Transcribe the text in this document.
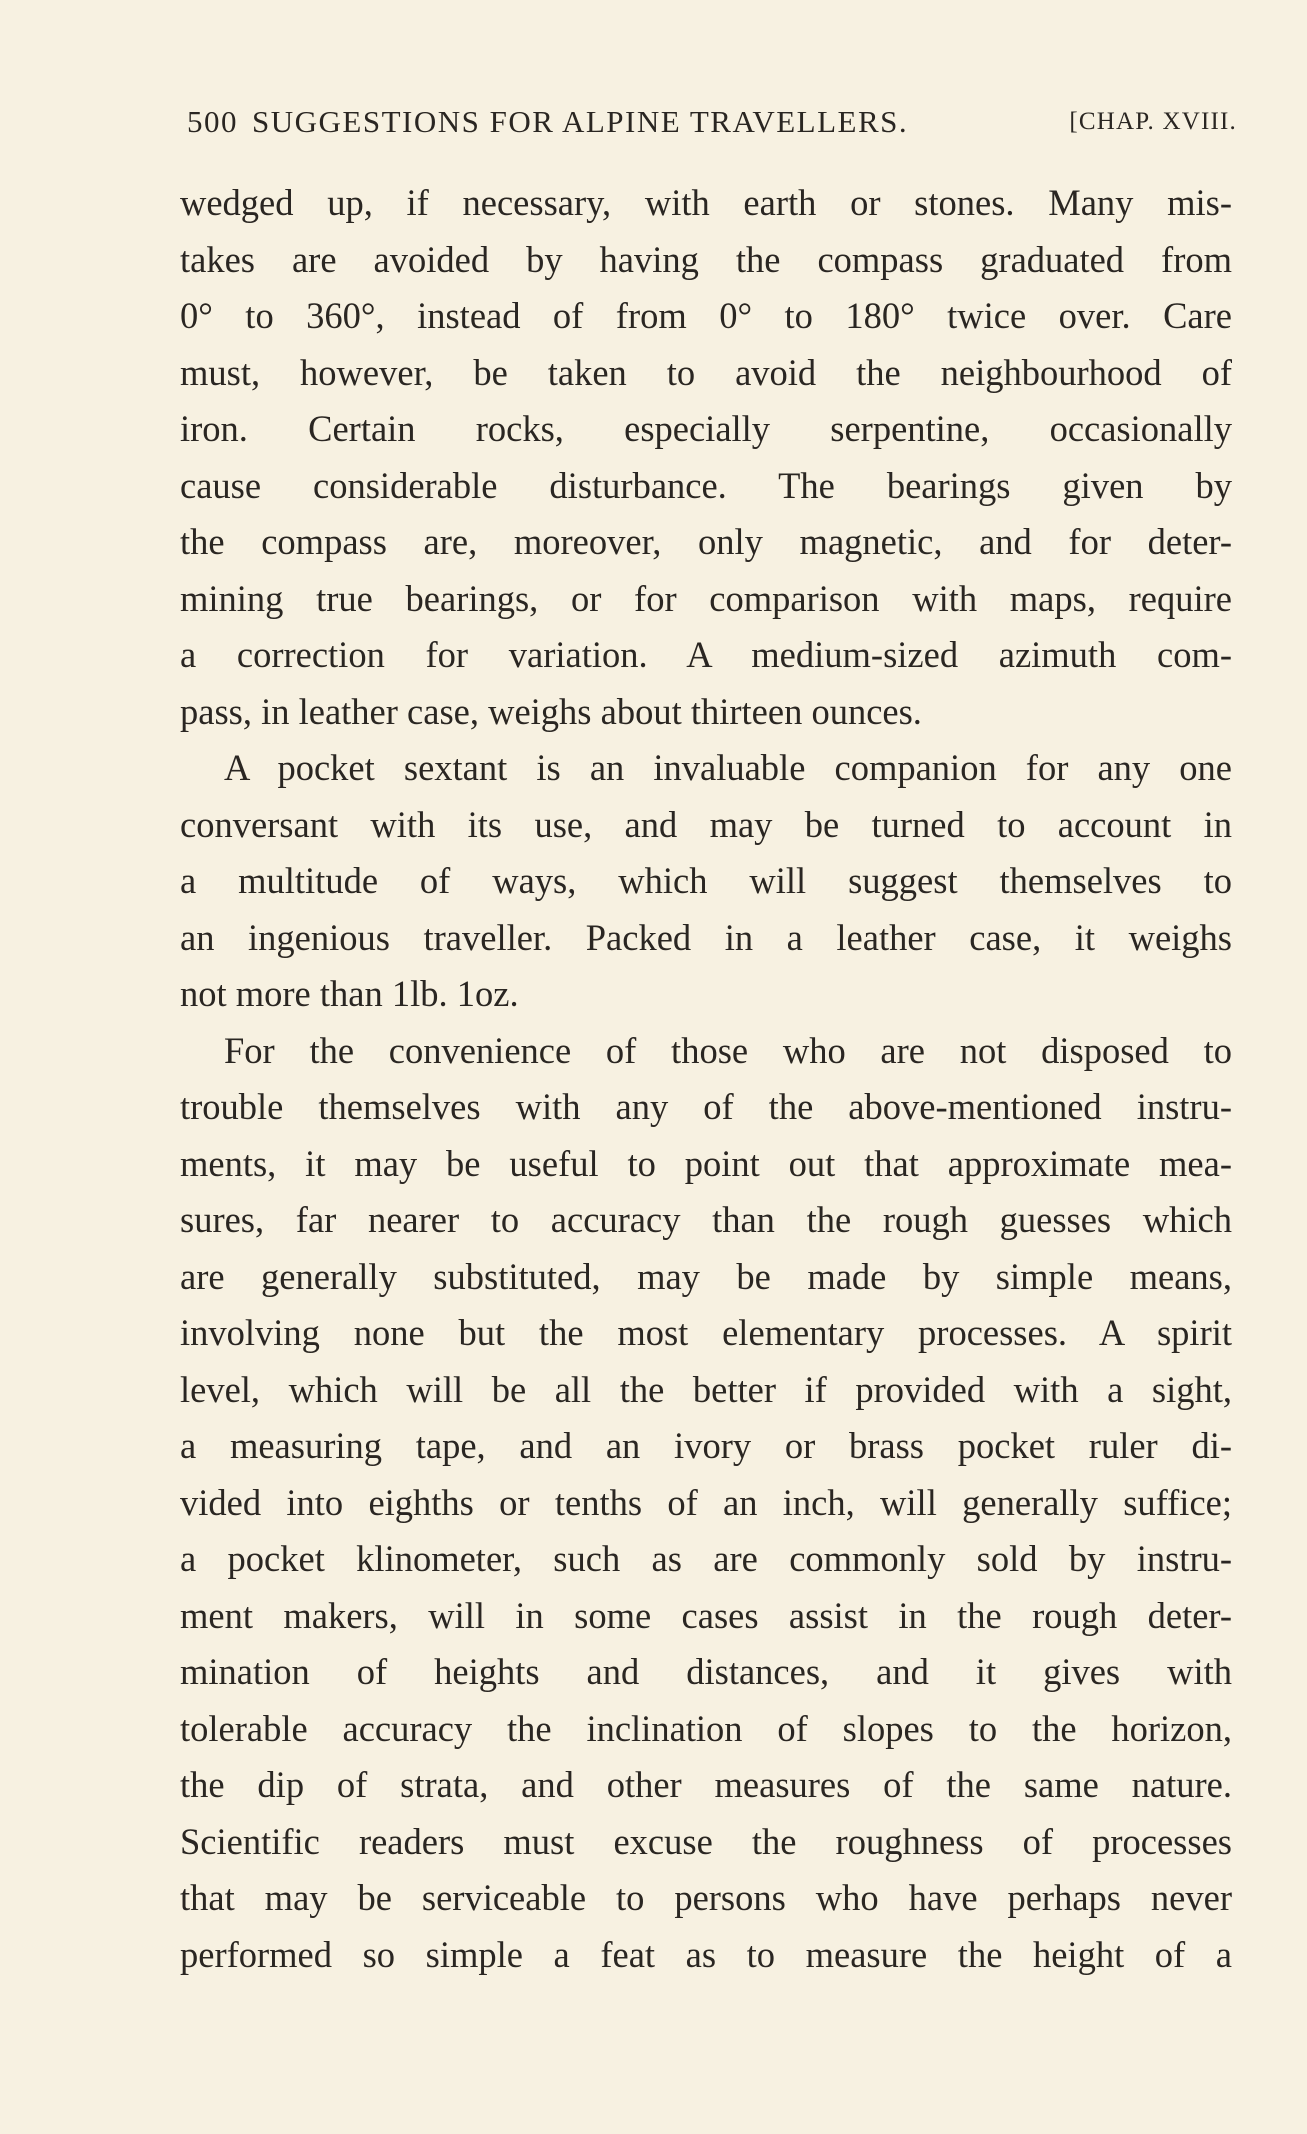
500 SUGGESTIONS FOR ALPINE TRAVELLERS.	[CHAP. XVIII.
wedged up, if necessary, with earth or stones. Many mis-
takes are avoided by having the compass graduated from
0° to 360°, instead of from 0° to 180° twice over. Care
must, however, be taken to avoid the neighbourhood of
iron. Certain rocks, especially serpentine, occasionally
cause considerable disturbance. The bearings given by
the compass are, moreover, only magnetic, and for deter-
mining true bearings, or for comparison with maps, require
a correction for variation. A medium-sized azimuth com-
pass, in leather case, weighs about thirteen ounces.
A pocket sextant is an invaluable companion for any one
conversant with its use, and may be turned to account in
a multitude of ways, which will suggest themselves to
an ingenious traveller. Packed in a leather case, it weighs
not more than 1lb. 1oz.
For the convenience of those who are not disposed to
trouble themselves with any of the above-mentioned instru-
ments, it may be useful to point out that approximate mea-
sures, far nearer to accuracy than the rough guesses which
are generally substituted, may be made by simple means,
involving none but the most elementary processes. A spirit
level, which will be all the better if provided with a sight,
a measuring tape, and an ivory or brass pocket ruler di-
vided into eighths or tenths of an inch, will generally suffice;
a pocket klinometer, such as are commonly sold by instru-
ment makers, will in some cases assist in the rough deter-
mination of heights and distances, and it gives with
tolerable accuracy the inclination of slopes to the horizon,
the dip of strata, and other measures of the same nature.
Scientific readers must excuse the roughness of processes
that may be serviceable to persons who have perhaps never
performed so simple a feat as to measure the height of a
